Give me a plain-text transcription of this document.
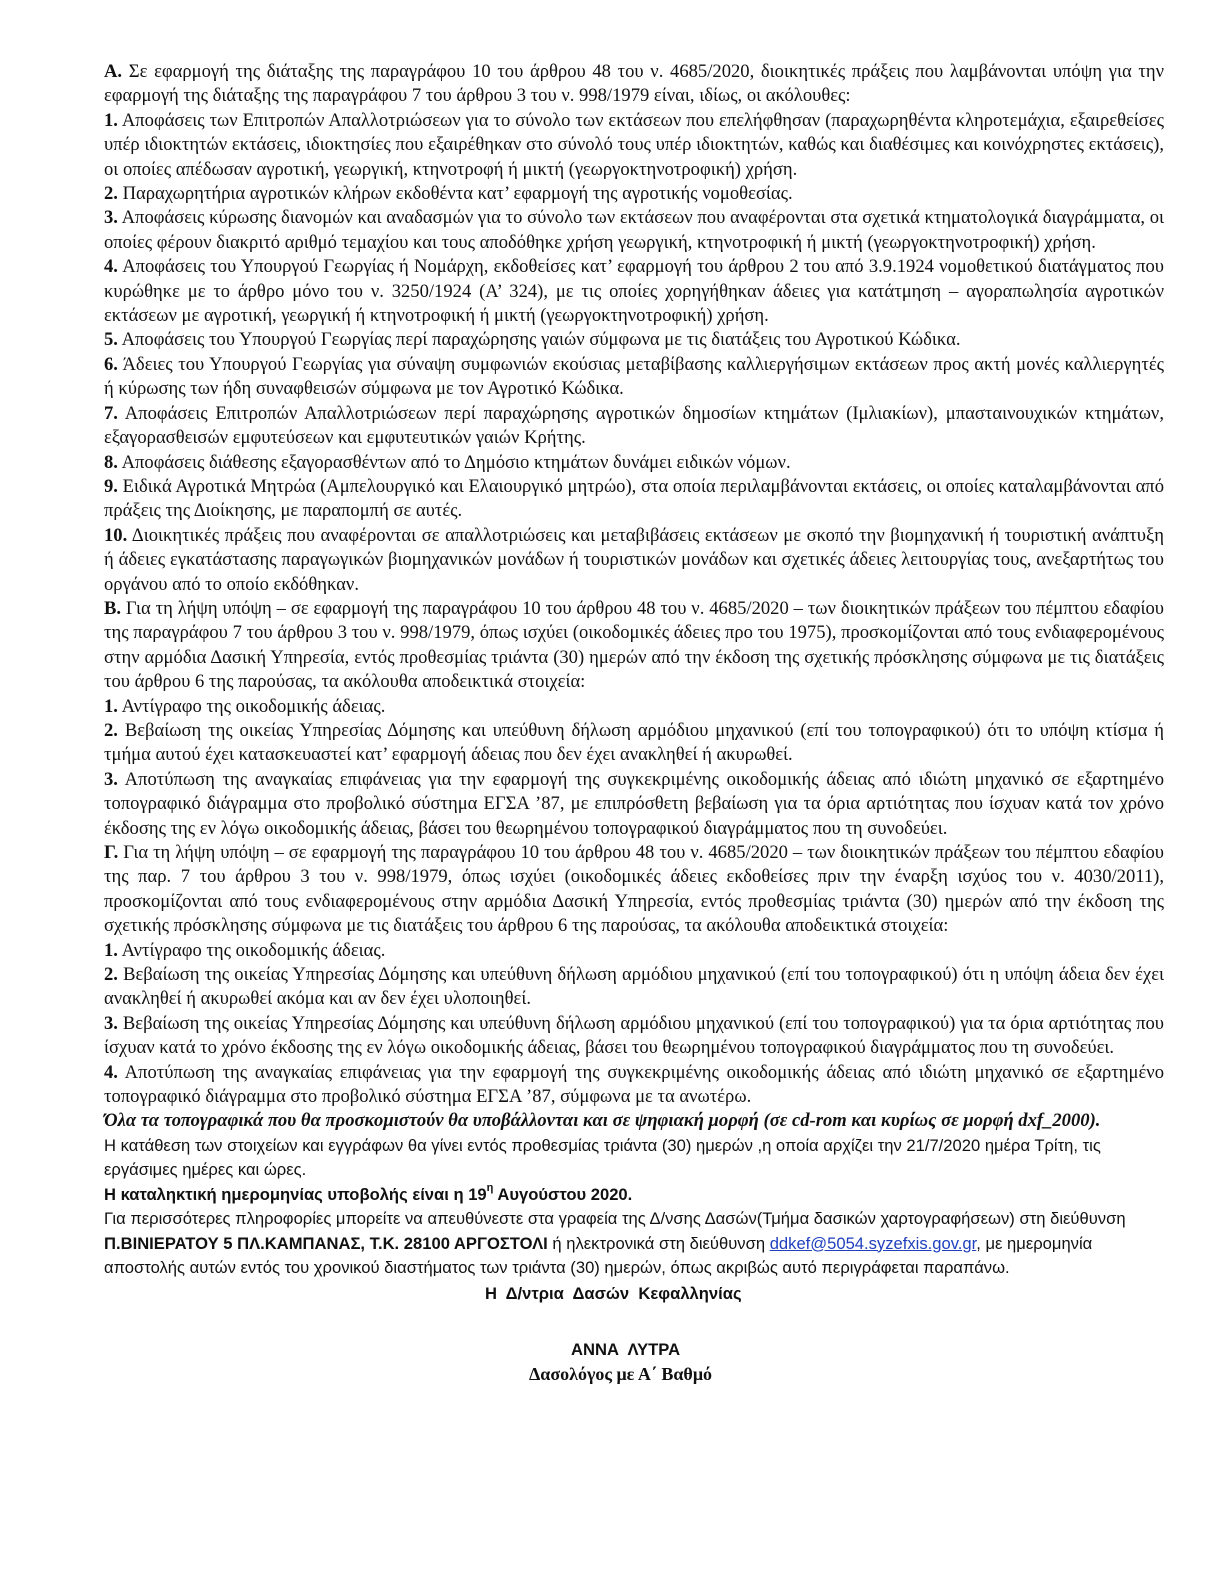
A. Σε εφαρμογή της διάταξης της παραγράφου 10 του άρθρου 48 του ν. 4685/2020, διοικητικές πράξεις που λαμβάνονται υπόψη για την εφαρμογή της διάταξης της παραγράφου 7 του άρθρου 3 του ν. 998/1979 είναι, ιδίως, οι ακόλουθες:

1. Αποφάσεις των Επιτροπών Απαλλοτριώσεων για το σύνολο των εκτάσεων που επελήφθησαν (παραχωρηθέντα κληροτεμάχια, εξαιρεθείσες υπέρ ιδιοκτητών εκτάσεις, ιδιοκτησίες που εξαιρέθηκαν στο σύνολό τους υπέρ ιδιοκτητών, καθώς και διαθέσιμες και κοινόχρηστες εκτάσεις), οι οποίες απέδωσαν αγροτική, γεωργική, κτηνοτροφή ή μικτή (γεωργοκτηνοτροφική) χρήση.

2. Παραχωρητήρια αγροτικών κλήρων εκδοθέντα κατ’ εφαρμογή της αγροτικής νομοθεσίας.

3. Αποφάσεις κύρωσης διανομών και αναδασμών για το σύνολο των εκτάσεων που αναφέρονται στα σχετικά κτηματολογικά διαγράμματα, οι οποίες φέρουν διακριτό αριθμό τεμαχίου και τους αποδόθηκε χρήση γεωργική, κτηνοτροφική ή μικτή (γεωργοκτηνοτροφική) χρήση.

4. Αποφάσεις του Υπουργού Γεωργίας ή Νομάρχη, εκδοθείσες κατ’ εφαρμογή του άρθρου 2 του από 3.9.1924 νομοθετικού διατάγματος που κυρώθηκε με το άρθρο μόνο του ν. 3250/1924 (Α’ 324), με τις οποίες χορηγήθηκαν άδειες για κατάτμηση – αγοραπωλησία αγροτικών εκτάσεων με αγροτική, γεωργική ή κτηνοτροφική ή μικτή (γεωργοκτηνοτροφική) χρήση.

5. Αποφάσεις του Υπουργού Γεωργίας περί παραχώρησης γαιών σύμφωνα με τις διατάξεις του Αγροτικού Κώδικα.

6. Άδειες του Υπουργού Γεωργίας για σύναψη συμφωνιών εκούσιας μεταβίβασης καλλιεργήσιμων εκτάσεων προς ακτή μονές καλλιεργητές ή κύρωσης των ήδη συναφθεισών σύμφωνα με τον Αγροτικό Κώδικα.

7. Αποφάσεις Επιτροπών Απαλλοτριώσεων περί παραχώρησης αγροτικών δημοσίων κτημάτων (Ιμλιακίων), μπασταινουχικών κτημάτων, εξαγορασθεισών εμφυτεύσεων και εμφυτευτικών γαιών Κρήτης.

8. Αποφάσεις διάθεσης εξαγορασθέντων από το Δημόσιο κτημάτων δυνάμει ειδικών νόμων.

9. Ειδικά Αγροτικά Μητρώα (Αμπελουργικό και Ελαιουργικό μητρώο), στα οποία περιλαμβάνονται εκτάσεις, οι οποίες καταλαμβάνονται από πράξεις της Διοίκησης, με παραπομπή σε αυτές.

10. Διοικητικές πράξεις που αναφέρονται σε απαλλοτριώσεις και μεταβιβάσεις εκτάσεων με σκοπό την βιομηχανική ή τουριστική ανάπτυξη ή άδειες εγκατάστασης παραγωγικών βιομηχανικών μονάδων ή τουριστικών μονάδων και σχετικές άδειες λειτουργίας τους, ανεξαρτήτως του οργάνου από το οποίο εκδόθηκαν.

Β. Για τη λήψη υπόψη – σε εφαρμογή της παραγράφου 10 του άρθρου 48 του ν. 4685/2020 – των διοικητικών πράξεων του πέμπτου εδαφίου της παραγράφου 7 του άρθρου 3 του ν. 998/1979, όπως ισχύει (οικοδομικές άδειες προ του 1975), προσκομίζονται από τους ενδιαφερομένους στην αρμόδια Δασική Υπηρεσία, εντός προθεσμίας τριάντα (30) ημερών από την έκδοση της σχετικής πρόσκλησης σύμφωνα με τις διατάξεις του άρθρου 6 της παρούσας, τα ακόλουθα αποδεικτικά στοιχεία:

1. Αντίγραφο της οικοδομικής άδειας.

2. Βεβαίωση της οικείας Υπηρεσίας Δόμησης και υπεύθυνη δήλωση αρμόδιου μηχανικού (επί του τοπογραφικού) ότι το υπόψη κτίσμα ή τμήμα αυτού έχει κατασκευαστεί κατ’ εφαρμογή άδειας που δεν έχει ανακληθεί ή ακυρωθεί.

3. Αποτύπωση της αναγκαίας επιφάνειας για την εφαρμογή της συγκεκριμένης οικοδομικής άδειας από ιδιώτη μηχανικό σε εξαρτημένο τοπογραφικό διάγραμμα στο προβολικό σύστημα ΕΓΣΑ ’87, με επιπρόσθετη βεβαίωση για τα όρια αρτιότητας που ίσχυαν κατά τον χρόνο έκδοσης της εν λόγω οικοδομικής άδειας, βάσει του θεωρημένου τοπογραφικού διαγράμματος που τη συνοδεύει.

Γ. Για τη λήψη υπόψη – σε εφαρμογή της παραγράφου 10 του άρθρου 48 του ν. 4685/2020 – των διοικητικών πράξεων του πέμπτου εδαφίου της παρ. 7 του άρθρου 3 του ν. 998/1979, όπως ισχύει (οικοδομικές άδειες εκδοθείσες πριν την έναρξη ισχύος του ν. 4030/2011), προσκομίζονται από τους ενδιαφερομένους στην αρμόδια Δασική Υπηρεσία, εντός προθεσμίας τριάντα (30) ημερών από την έκδοση της σχετικής πρόσκλησης σύμφωνα με τις διατάξεις του άρθρου 6 της παρούσας, τα ακόλουθα αποδεικτικά στοιχεία:

1. Αντίγραφο της οικοδομικής άδειας.

2. Βεβαίωση της οικείας Υπηρεσίας Δόμησης και υπεύθυνη δήλωση αρμόδιου μηχανικού (επί του τοπογραφικού) ότι η υπόψη άδεια δεν έχει ανακληθεί ή ακυρωθεί ακόμα και αν δεν έχει υλοποιηθεί.

3. Βεβαίωση της οικείας Υπηρεσίας Δόμησης και υπεύθυνη δήλωση αρμόδιου μηχανικού (επί του τοπογραφικού) για τα όρια αρτιότητας που ίσχυαν κατά το χρόνο έκδοσης της εν λόγω οικοδομικής άδειας, βάσει του θεωρημένου τοπογραφικού διαγράμματος που τη συνοδεύει.

4. Αποτύπωση της αναγκαίας επιφάνειας για την εφαρμογή της συγκεκριμένης οικοδομικής άδειας από ιδιώτη μηχανικό σε εξαρτημένο τοπογραφικό διάγραμμα στο προβολικό σύστημα ΕΓΣΑ ’87, σύμφωνα με τα ανωτέρω.

Όλα τα τοπογραφικά που θα προσκομιστούν θα υποβάλλονται και σε ψηφιακή μορφή (σε cd-rom και κυρίως σε μορφή dxf_2000).

Η κατάθεση των στοιχείων και εγγράφων θα γίνει εντός προθεσμίας τριάντα (30) ημερών ,η οποία αρχίζει την 21/7/2020 ημέρα Τρίτη, τις εργάσιμες ημέρες και ώρες.

Η καταληκτική ημερομηνίας υποβολής είναι η $19^\eta$ Αυγούστου 2020.

Για περισσότερες πληροφορίες μπορείτε να απευθύνεστε στα γραφεία της Δ/νσης Δασών(Τμήμα δασικών χαρτογραφήσεων) στη διεύθυνση Π.ΒΙΝΙΕΡΑΤΟΥ 5 ΠΛ.ΚΑΜΠΑΝΑΣ, Τ.Κ. 28100 ΑΡΓΟΣΤΟΛΙ ή ηλεκτρονικά στη διεύθυνση ddkef@5054.syzefxis.gov.gr, με ημερομηνία αποστολής αυτών εντός του χρονικού διαστήματος των τριάντα (30) ημερών, όπως ακριβώς αυτό περιγράφεται παραπάνω.

Η  Δ/ντρια  Δασών  Κεφαλληνίας
ΑΝΝΑ  ΛΥΤΡΑ
Δασολόγος με Α΄ Βαθμό
